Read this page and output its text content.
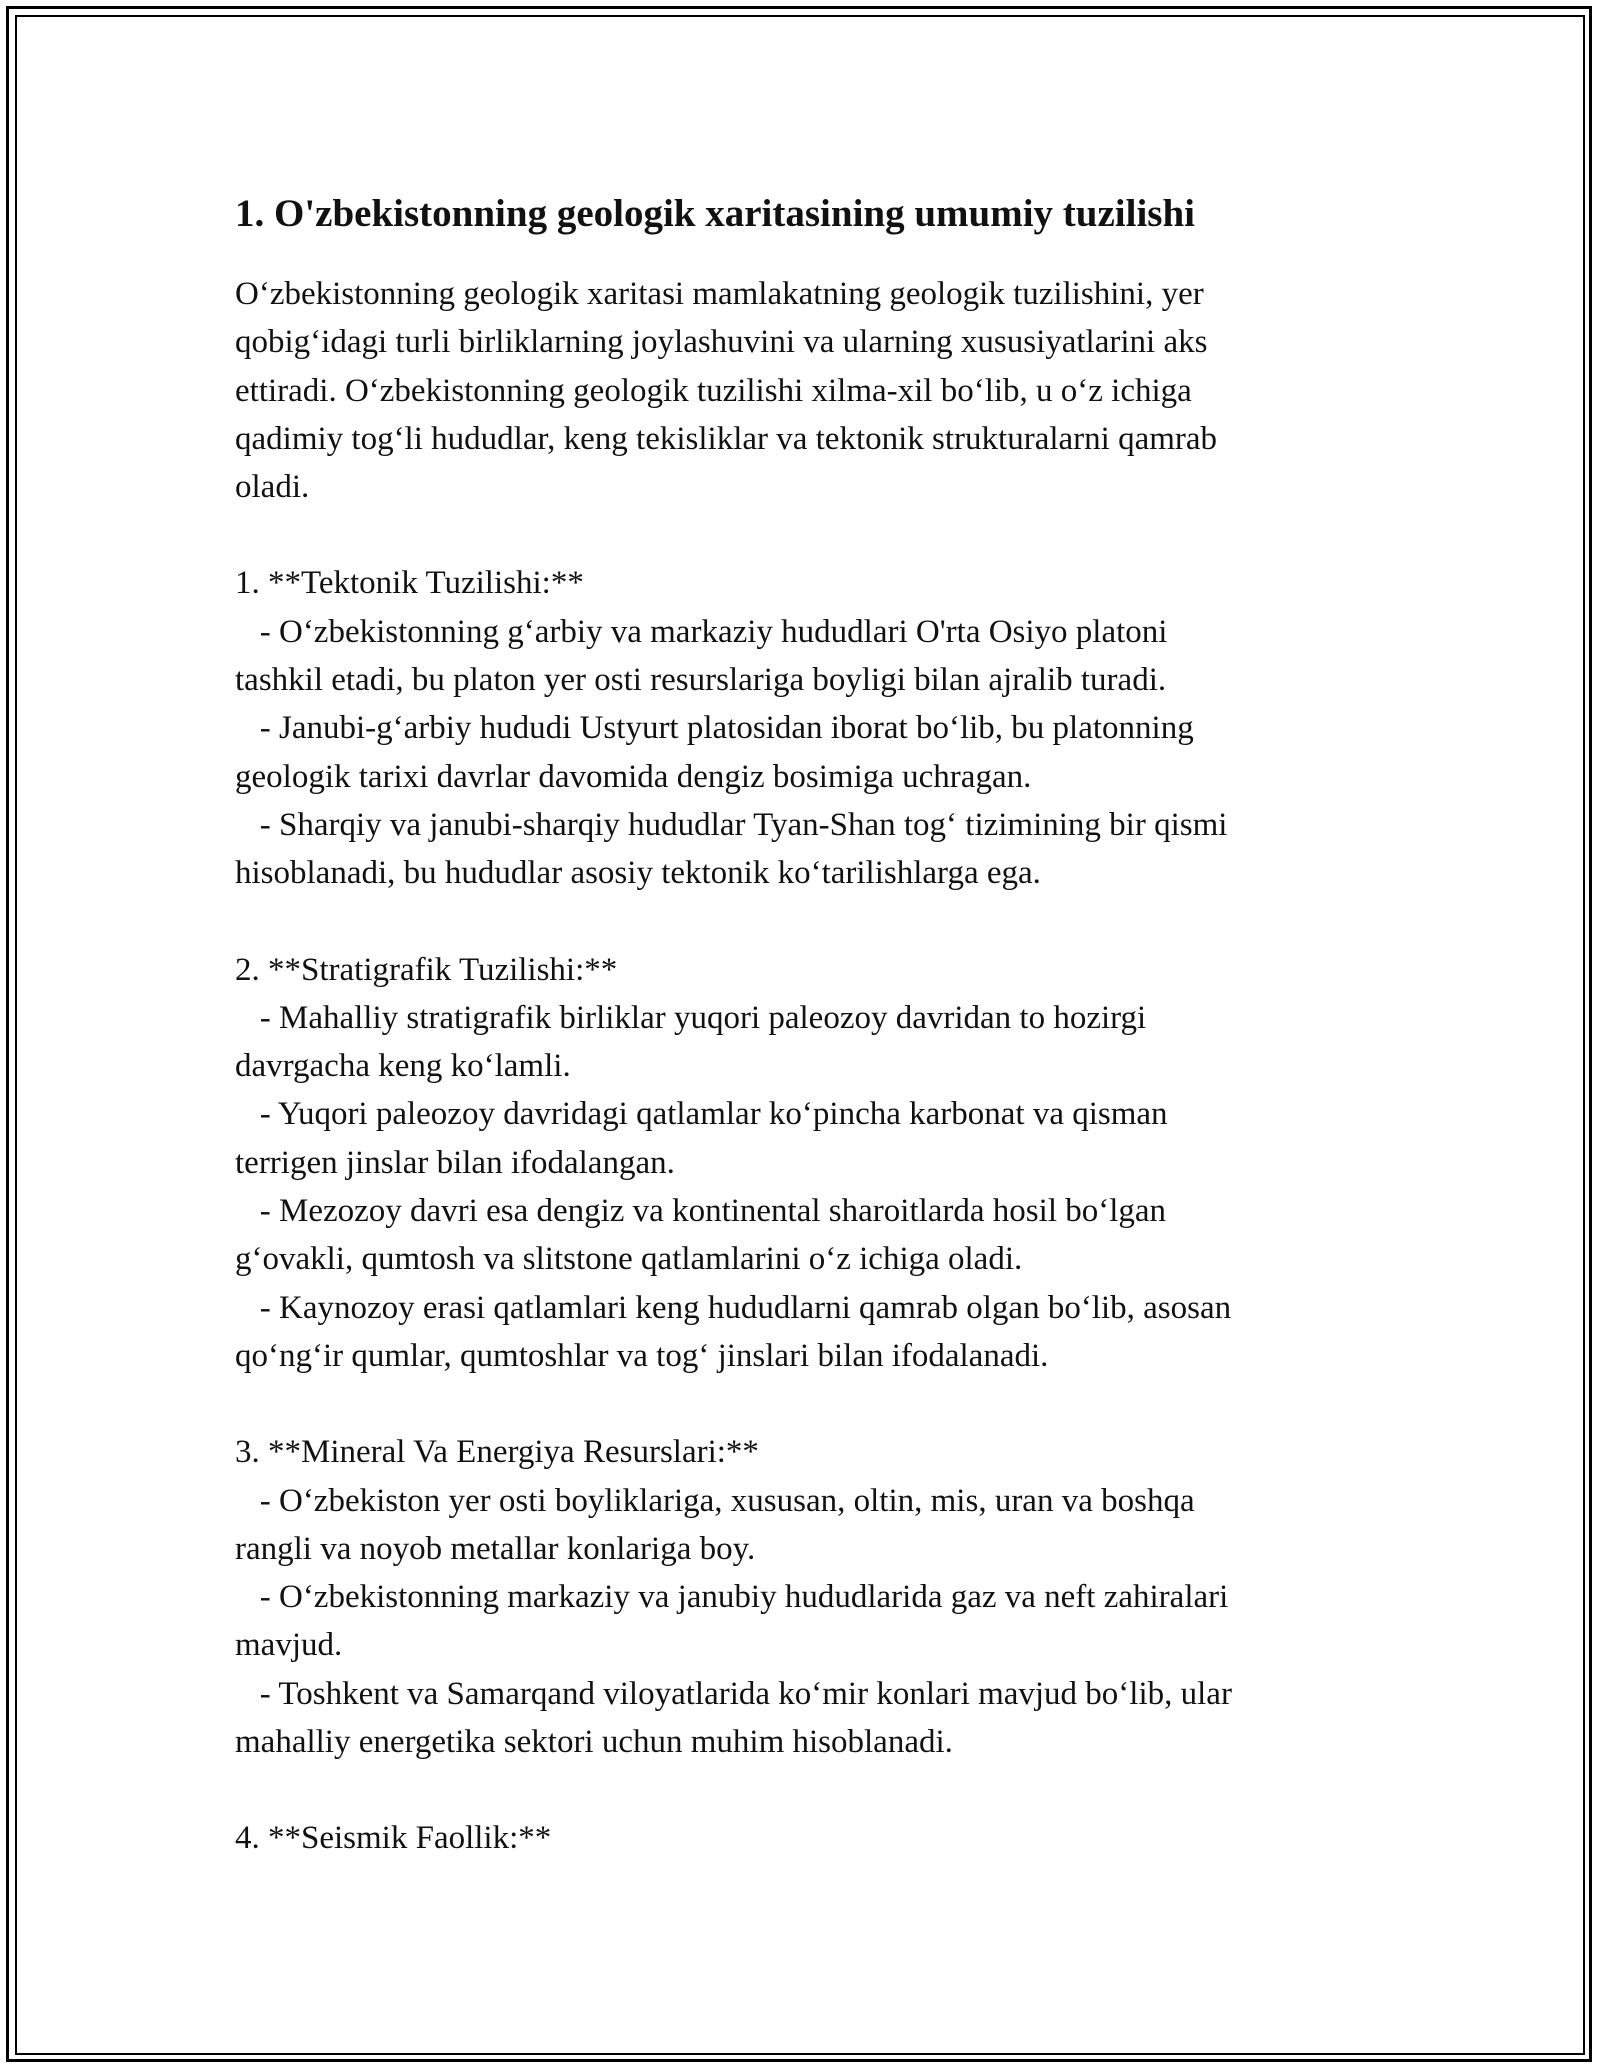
1. O'zbekistonning geologik xaritasining umumiy tuzilishi
O‘zbekistonning geologik xaritasi mamlakatning geologik tuzilishini, yer
qobig‘idagi turli birliklarning joylashuvini va ularning xususiyatlarini aks
ettiradi. O‘zbekistonning geologik tuzilishi xilma-xil bo‘lib, u o‘z ichiga
qadimiy tog‘li hududlar, keng tekisliklar va tektonik strukturalarni qamrab
oladi.
1. **Tektonik Tuzilishi:**
- O‘zbekistonning g‘arbiy va markaziy hududlari O'rta Osiyo platoni
tashkil etadi, bu platon yer osti resurslariga boyligi bilan ajralib turadi.
- Janubi-g‘arbiy hududi Ustyurt platosidan iborat bo‘lib, bu platonning
geologik tarixi davrlar davomida dengiz bosimiga uchragan.
- Sharqiy va janubi-sharqiy hududlar Tyan-Shan tog‘ tizimining bir qismi
hisoblanadi, bu hududlar asosiy tektonik ko‘tarilishlarga ega.
2. **Stratigrafik Tuzilishi:**
- Mahalliy stratigrafik birliklar yuqori paleozoy davridan to hozirgi
davrgacha keng ko‘lamli.
- Yuqori paleozoy davridagi qatlamlar ko‘pincha karbonat va qisman
terrigen jinslar bilan ifodalangan.
- Mezozoy davri esa dengiz va kontinental sharoitlarda hosil bo‘lgan
g‘ovakli, qumtosh va slitstone qatlamlarini o‘z ichiga oladi.
- Kaynozoy erasi qatlamlari keng hududlarni qamrab olgan bo‘lib, asosan
qo‘ng‘ir qumlar, qumtoshlar va tog‘ jinslari bilan ifodalanadi.
3. **Mineral Va Energiya Resurslari:**
- O‘zbekiston yer osti boyliklariga, xususan, oltin, mis, uran va boshqa
rangli va noyob metallar konlariga boy.
- O‘zbekistonning markaziy va janubiy hududlarida gaz va neft zahiralari
mavjud.
- Toshkent va Samarqand viloyatlarida ko‘mir konlari mavjud bo‘lib, ular
mahalliy energetika sektori uchun muhim hisoblanadi.
4. **Seismik Faollik:**
